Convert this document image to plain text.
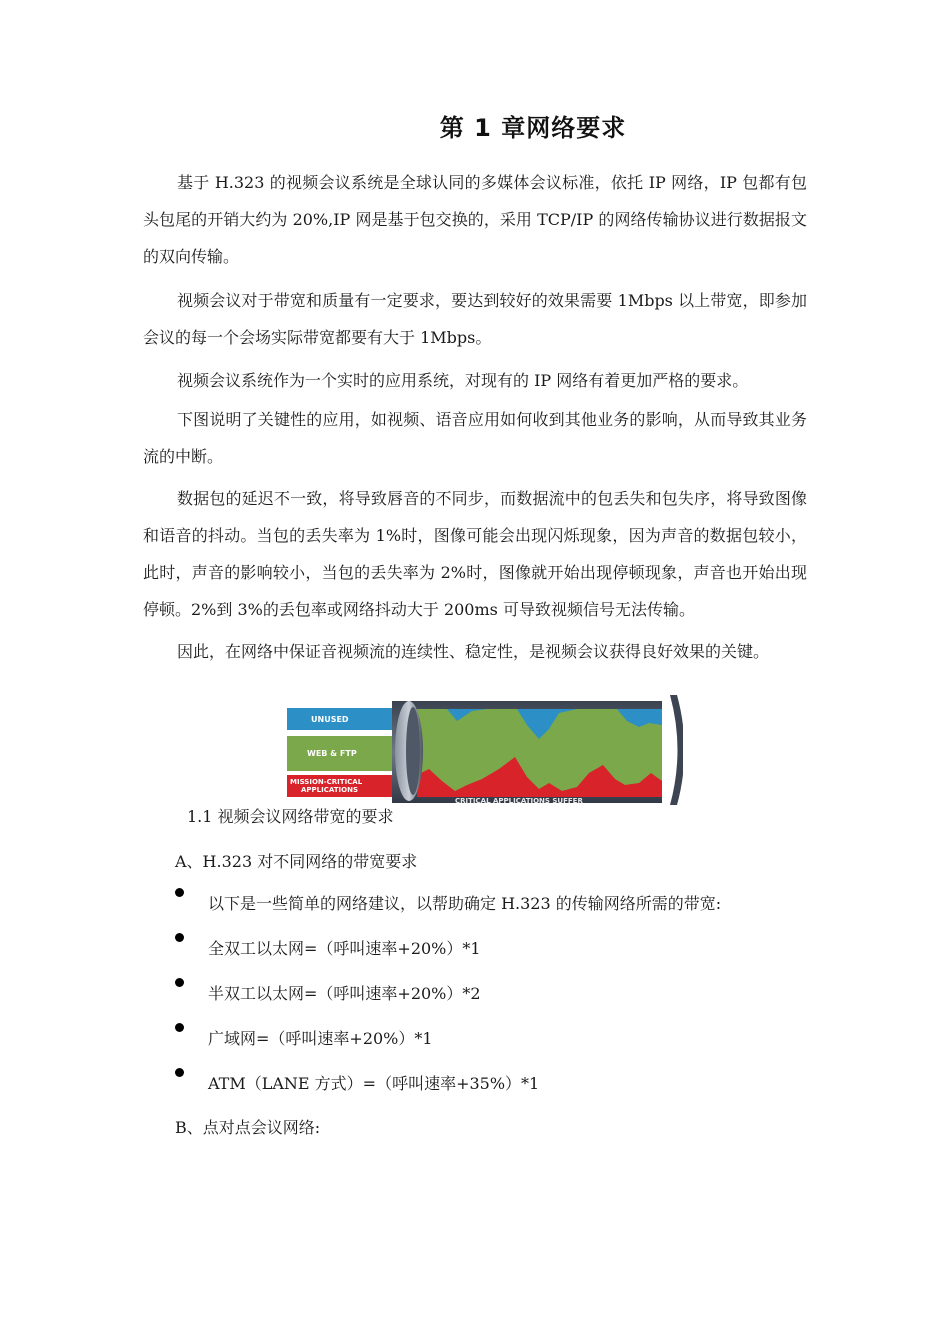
第 1 章网络要求

基于 H.323 的视频会议系统是全球认同的多媒体会议标准，依托 IP 网络，IP 包都有包头包尾的开销大约为 20%,IP 网是基于包交换的，采用 TCP/IP 的网络传输协议进行数据报文的双向传输。

视频会议对于带宽和质量有一定要求，要达到较好的效果需要 1Mbps 以上带宽，即参加会议的每一个会场实际带宽都要有大于 1Mbps。

视频会议系统作为一个实时的应用系统，对现有的 IP 网络有着更加严格的要求。

下图说明了关键性的应用，如视频、语音应用如何收到其他业务的影响，从而导致其业务流的中断。

数据包的延迟不一致，将导致唇音的不同步，而数据流中的包丢失和包失序，将导致图像和语音的抖动。当包的丢失率为 1%时，图像可能会出现闪烁现象，因为声音的数据包较小，此时，声音的影响较小，当包的丢失率为 2%时，图像就开始出现停顿现象，声音也开始出现停顿。2%到 3%的丢包率或网络抖动大于 200ms 可导致视频信号无法传输。

因此，在网络中保证音视频流的连续性、稳定性，是视频会议获得良好效果的关键。

UNUSED
WEB & FTP
MISSION-CRITICAL
APPLICATIONS
CRITICAL APPLICATIONS SUFFER
1.1 视频会议网络带宽的要求
A、H.323 对不同网络的带宽要求
以下是一些简单的网络建议，以帮助确定 H.323 的传输网络所需的带宽:
全双工以太网=（呼叫速率+20%）*1
半双工以太网=（呼叫速率+20%）*2
广域网=（呼叫速率+20%）*1
ATM（LANE 方式）=（呼叫速率+35%）*1
B、点对点会议网络:
